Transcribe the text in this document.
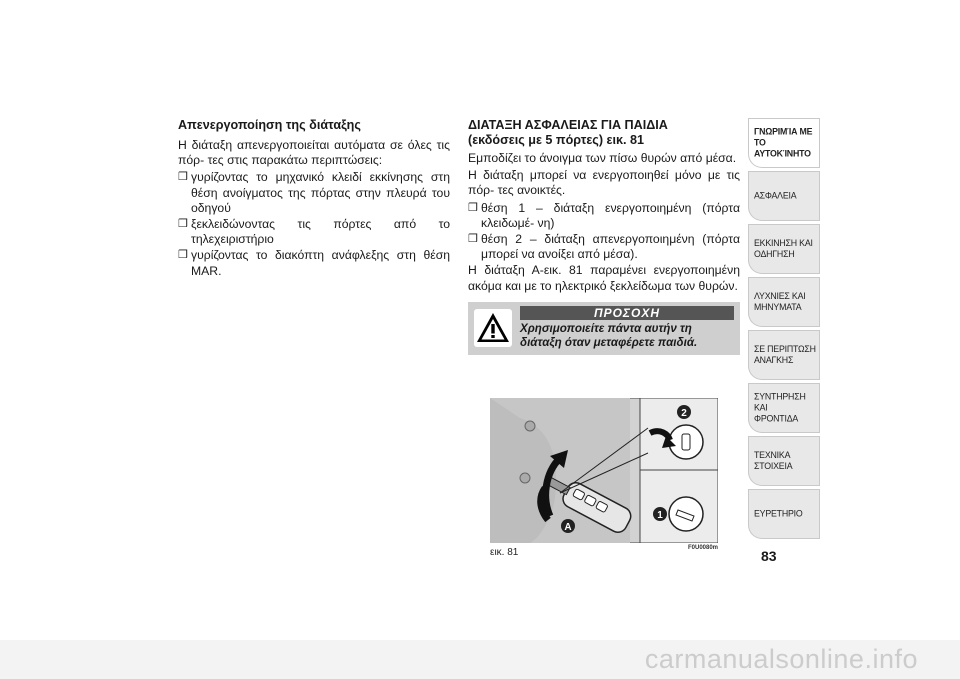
Απενεργοποίηση της διάταξης

Η διάταξη απενεργοποιείται αυτόματα σε όλες τις πόρ- τες στις παρακάτω περιπτώσεις:

❒ γυρίζοντας το μηχανικό κλειδί εκκίνησης στη θέση ανοίγματος της πόρτας στην πλευρά του οδηγού
❒ ξεκλειδώνοντας τις πόρτες από το τηλεχειριστήριο
❒ γυρίζοντας το διακόπτη ανάφλεξης στη θέση MAR.
ΔΙΑΤΑΞΗ ΑΣΦΑΛΕΙΑΣ ΓΙΑ ΠΑΙΔΙΑ
(εκδόσεις με 5 πόρτες) εικ. 81

Εμποδίζει το άνοιγμα των πίσω θυρών από μέσα.

Η διάταξη μπορεί να ενεργοποιηθεί μόνο με τις πόρ- τες ανοικτές.

❒ θέση 1 – διάταξη ενεργοποιημένη (πόρτα κλειδωμέ- νη)
❒ θέση 2 – διάταξη απενεργοποιημένη (πόρτα μπορεί να ανοίξει από μέσα).

Η διάταξη Α-εικ. 81 παραμένει ενεργοποιημένη ακόμα και με το ηλεκτρικό ξεκλείδωμα των θυρών.

ΠΡΟΣΟΧΗ
Χρησιμοποιείτε πάντα αυτήν τη διάταξη όταν μεταφέρετε παιδιά.
2
1
A
εικ. 81	F0U0080m
ΓΝΩΡΙΜΊΑ ΜΕ ΤΟ
ΑΥΤΟΚΊΝΗΤΟ
ΑΣΦΑΛΕΙΑ
ΕΚΚΙΝΗΣΗ ΚΑΙ
ΟΔΗΓΗΣΗ
ΛΥΧΝΙΕΣ ΚΑΙ
ΜΗΝΥΜΑΤΑ
ΣΕ ΠΕΡΙΠΤΩΣΗ
ΑΝΑΓΚΗΣ
ΣΥΝΤΗΡΗΣΗ ΚΑΙ
ΦΡΟΝΤΙΔΑ
ΤΕΧΝΙΚΑ ΣΤΟΙΧΕΙΑ
ΕΥΡΕΤΗΡΙΟ
83
carmanualsonline.info
